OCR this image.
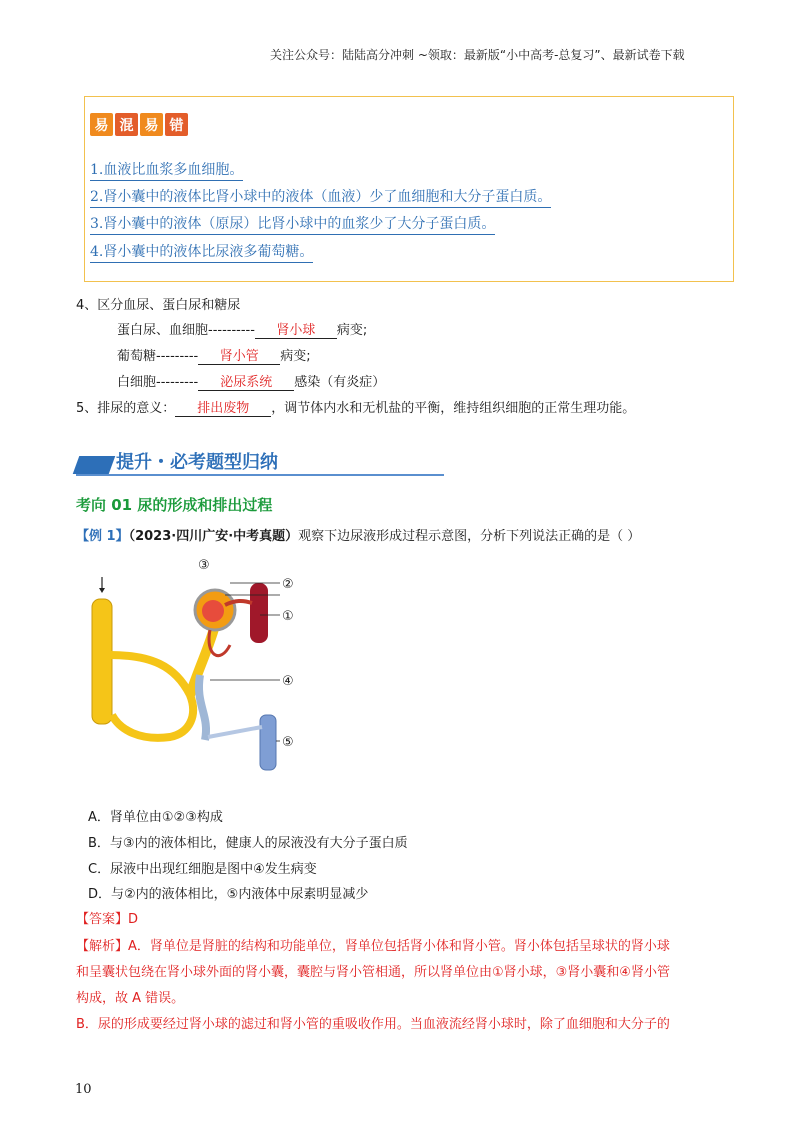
关注公众号：陆陆高分冲刺 ~领取：最新版“小中高考-总复习”、最新试卷下载
易 混 易 错
1.血液比血浆多血细胞。
2.肾小囊中的液体比肾小球中的液体（血液）少了血细胞和大分子蛋白质。
3.肾小囊中的液体（原尿）比肾小球中的血浆少了大分子蛋白质。
4.肾小囊中的液体比尿液多葡萄糖。
4、区分血尿、蛋白尿和糖尿
蛋白尿、血细胞---------- 肾小球 病变;
葡萄糖--------- 肾小管 病变;
白细胞--------- 泌尿系统 感染（有炎症）
5、排尿的意义： 排出废物 ，调节体内水和无机盐的平衡，维持组织细胞的正常生理功能。
提升・必考题型归纳
考向 01 尿的形成和排出过程
【例 1】（2023·四川广安·中考真题）观察下边尿液形成过程示意图，分析下列说法正确的是（ ）
③
②
①
④
⑤
A．肾单位由①②③构成
B．与③内的液体相比，健康人的尿液没有大分子蛋白质
C．尿液中出现红细胞是图中④发生病变
D．与②内的液体相比，⑤内液体中尿素明显减少
【答案】D
【解析】A．肾单位是肾脏的结构和功能单位，肾单位包括肾小体和肾小管。肾小体包括呈球状的肾小球
和呈囊状包绕在肾小球外面的肾小囊，囊腔与肾小管相通，所以肾单位由①肾小球，③肾小囊和④肾小管
构成，故 A 错误。
B．尿的形成要经过肾小球的滤过和肾小管的重吸收作用。当血液流经肾小球时，除了血细胞和大分子的
10
